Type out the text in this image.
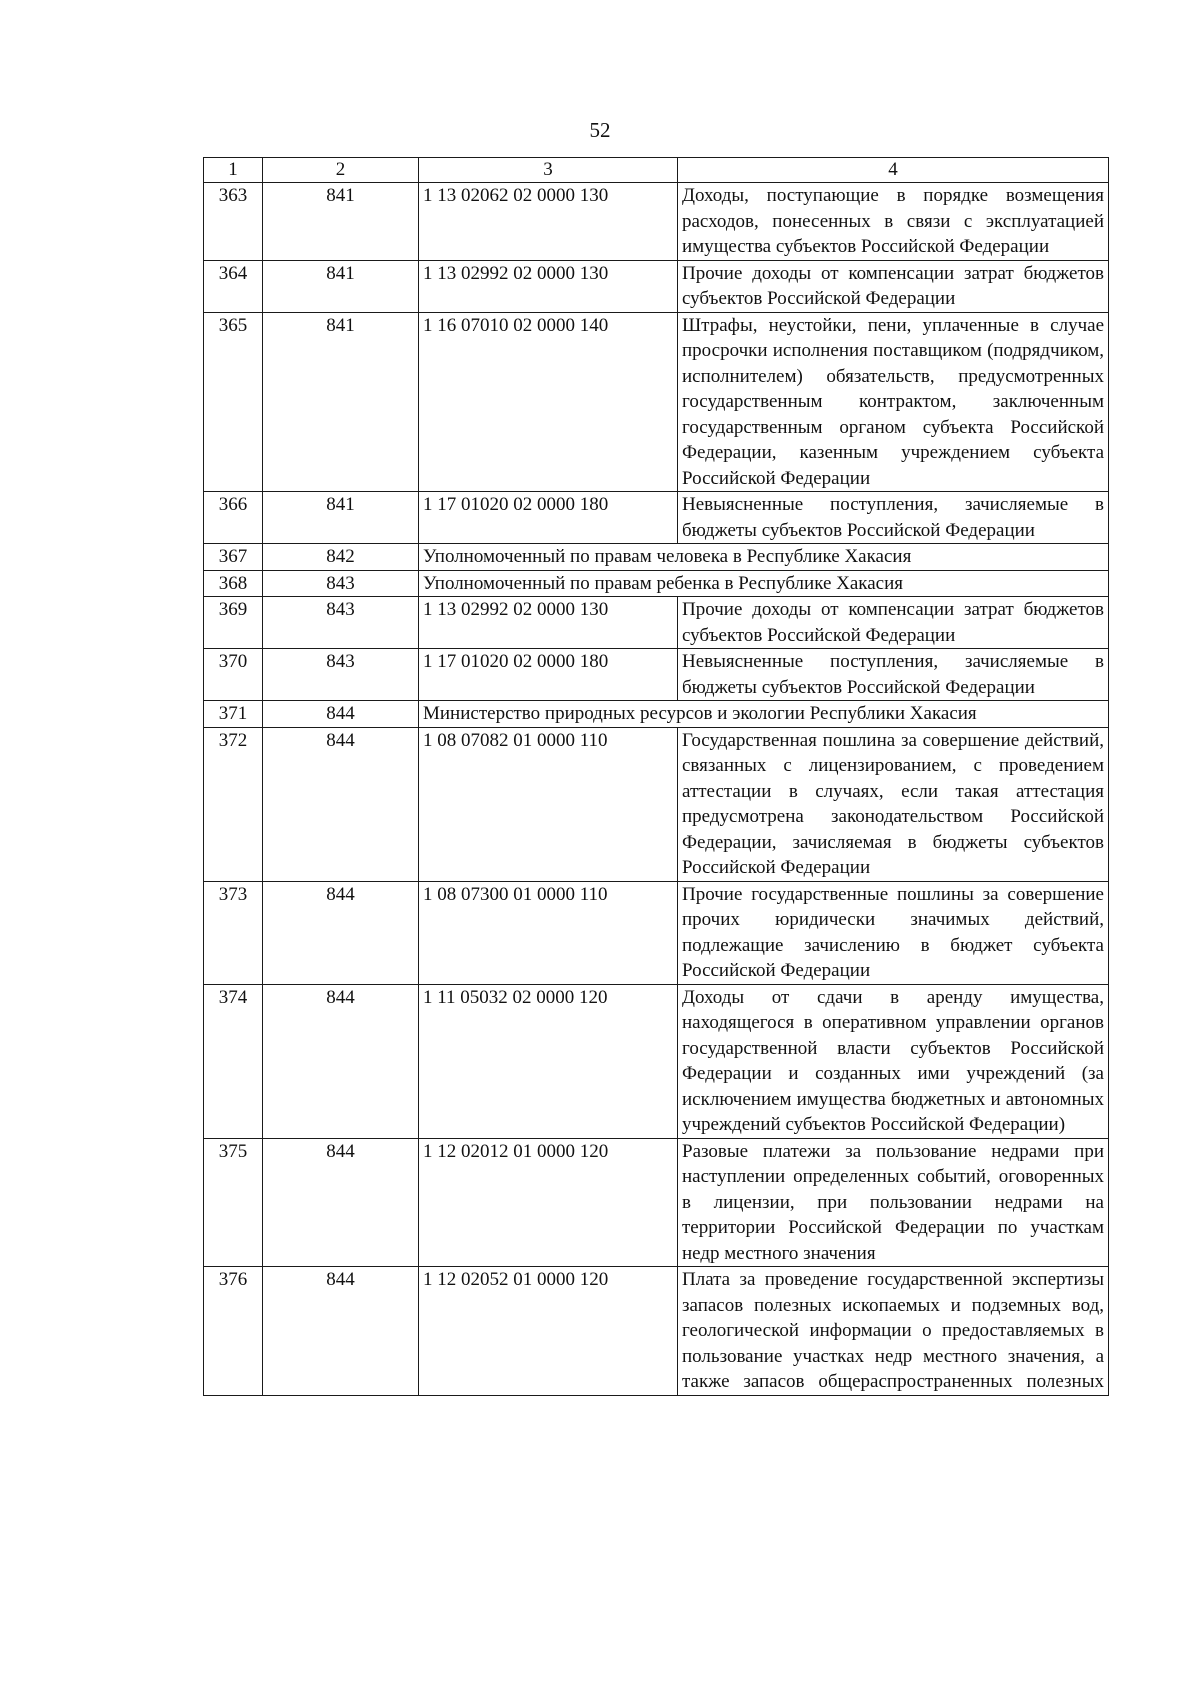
52
1	2	3	4
363	841	1 13 02062 02 0000 130	Доходы, поступающие в порядке возмещения расходов, понесенных в связи с эксплуатацией имущества субъектов Российской Федерации
364	841	1 13 02992 02 0000 130	Прочие доходы от компенсации затрат бюджетов субъектов Российской Федерации
365	841	1 16 07010 02 0000 140	Штрафы, неустойки, пени, уплаченные в случае просрочки исполнения поставщиком (подрядчиком, исполнителем) обязательств, предусмотренных государственным контрактом, заключенным государственным органом субъекта Российской Федерации, казенным учреждением субъекта Российской Федерации
366	841	1 17 01020 02 0000 180	Невыясненные поступления, зачисляемые в бюджеты субъектов Российской Федерации
367	842	Уполномоченный по правам человека в Республике Хакасия	
368	843	Уполномоченный по правам ребенка в Республике Хакасия	
369	843	1 13 02992 02 0000 130	Прочие доходы от компенсации затрат бюджетов субъектов Российской Федерации
370	843	1 17 01020 02 0000 180	Невыясненные поступления, зачисляемые в бюджеты субъектов Российской Федерации
371	844	Министерство природных ресурсов и экологии Республики Хакасия	
372	844	1 08 07082 01 0000 110	Государственная пошлина за совершение действий, связанных с лицензированием, с проведением аттестации в случаях, если такая аттестация предусмотрена законодательством Российской Федерации, зачисляемая в бюджеты субъектов Российской Федерации
373	844	1 08 07300 01 0000 110	Прочие государственные пошлины за совершение прочих юридически значимых действий, подлежащие зачислению в бюджет субъекта Российской Федерации
374	844	1 11 05032 02 0000 120	Доходы от сдачи в аренду имущества, находящегося в оперативном управлении органов государственной власти субъектов Российской Федерации и созданных ими учреждений (за исключением имущества бюджетных и автономных учреждений субъектов Российской Федерации)
375	844	1 12 02012 01 0000 120	Разовые платежи за пользование недрами при наступлении определенных событий, оговоренных в лицензии, при пользовании недрами на территории Российской Федерации по участкам недр местного значения
376	844	1 12 02052 01 0000 120	Плата за проведение государственной экспертизы запасов полезных ископаемых и подземных вод, геологической информации о предоставляемых в пользование участках недр местного значения, а также запасов общераспространенных полезных
